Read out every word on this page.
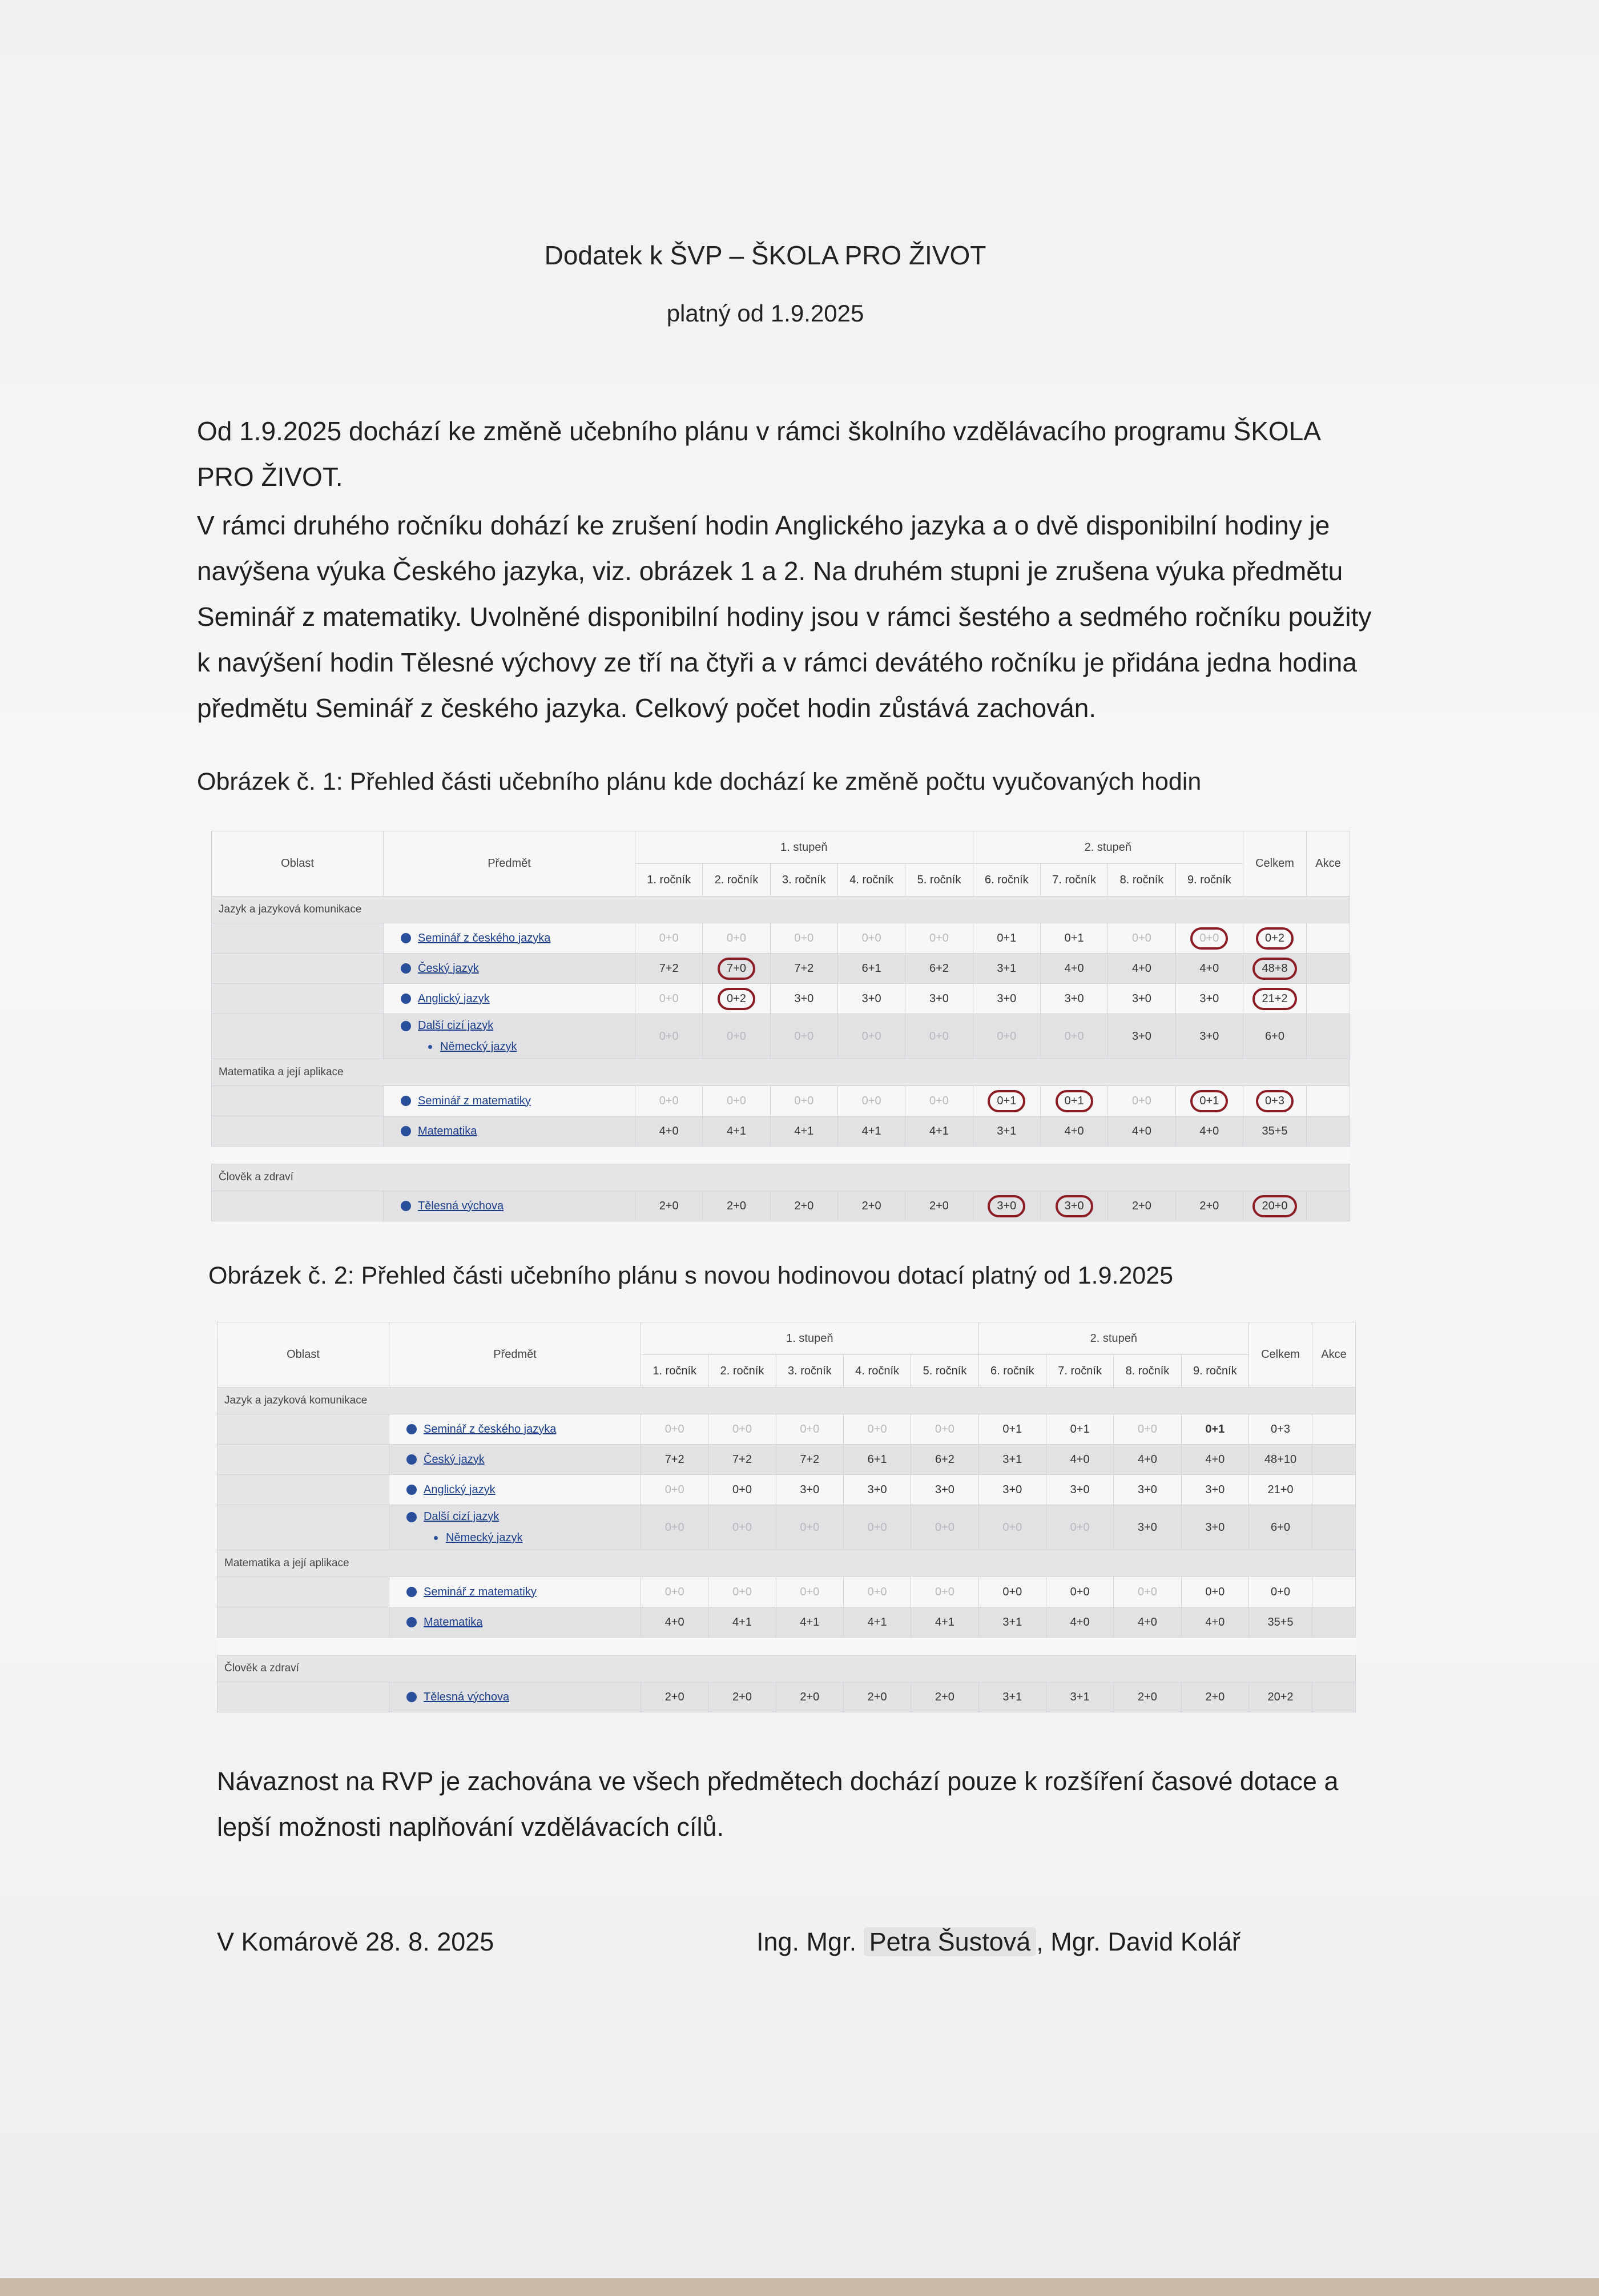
Dodatek k ŠVP – ŠKOLA PRO ŽIVOT
platný od 1.9.2025
Od 1.9.2025 dochází ke změně učebního plánu v rámci školního vzdělávacího programu ŠKOLA PRO ŽIVOT.
V rámci druhého ročníku dohází ke zrušení hodin Anglického jazyka a o dvě disponibilní hodiny je navýšena výuka Českého jazyka, viz. obrázek 1 a 2. Na druhém stupni je zrušena výuka předmětu Seminář z matematiky. Uvolněné disponibilní hodiny jsou v rámci šestého a sedmého ročníku použity k navýšení hodin Tělesné výchovy ze tří na čtyři a v rámci devátého ročníku je přidána jedna hodina předmětu Seminář z českého jazyka. Celkový počet hodin zůstává zachován.
Obrázek č. 1: Přehled části učebního plánu kde dochází ke změně počtu vyučovaných hodin
Oblast	Předmět	1. stupeň					2. stupeň				Celkem	Akce
		1. ročník	2. ročník	3. ročník	4. ročník	5. ročník	6. ročník	7. ročník	8. ročník	9. ročník		
Jazyk a jazyková komunikace												
	Seminář z českého jazyka	0+0	0+0	0+0	0+0	0+0	0+1	0+1	0+0	0+0	0+2	
	Český jazyk	7+2	7+0	7+2	6+1	6+2	3+1	4+0	4+0	4+0	48+8	
	Anglický jazyk	0+0	0+2	3+0	3+0	3+0	3+0	3+0	3+0	3+0	21+2	
	Další cizí jazyk
Německý jazyk	0+0	0+0	0+0	0+0	0+0	0+0	0+0	3+0	3+0	6+0	
Matematika a její aplikace												
	Seminář z matematiky	0+0	0+0	0+0	0+0	0+0	0+1	0+1	0+0	0+1	0+3	
	Matematika	4+0	4+1	4+1	4+1	4+1	3+1	4+0	4+0	4+0	35+5	

Člověk a zdraví												
	Tělesná výchova	2+0	2+0	2+0	2+0	2+0	3+0	3+0	2+0	2+0	20+0	
Obrázek č. 2: Přehled části učebního plánu s novou hodinovou dotací platný od 1.9.2025
Oblast	Předmět	1. stupeň					2. stupeň				Celkem	Akce
		1. ročník	2. ročník	3. ročník	4. ročník	5. ročník	6. ročník	7. ročník	8. ročník	9. ročník		
Jazyk a jazyková komunikace												
	Seminář z českého jazyka	0+0	0+0	0+0	0+0	0+0	0+1	0+1	0+0	0+1	0+3	
	Český jazyk	7+2	7+2	7+2	6+1	6+2	3+1	4+0	4+0	4+0	48+10	
	Anglický jazyk	0+0	0+0	3+0	3+0	3+0	3+0	3+0	3+0	3+0	21+0	
	Další cizí jazyk
Německý jazyk	0+0	0+0	0+0	0+0	0+0	0+0	0+0	3+0	3+0	6+0	
Matematika a její aplikace												
	Seminář z matematiky	0+0	0+0	0+0	0+0	0+0	0+0	0+0	0+0	0+0	0+0	
	Matematika	4+0	4+1	4+1	4+1	4+1	3+1	4+0	4+0	4+0	35+5	

Člověk a zdraví												
	Tělesná výchova	2+0	2+0	2+0	2+0	2+0	3+1	3+1	2+0	2+0	20+2	
Návaznost na RVP je zachována ve všech předmětech dochází pouze k rozšíření časové dotace a lepší možnosti naplňování vzdělávacích cílů.
V Komárově 28. 8. 2025	Ing. Mgr. Petra Šustová , Mgr. David Kolář
